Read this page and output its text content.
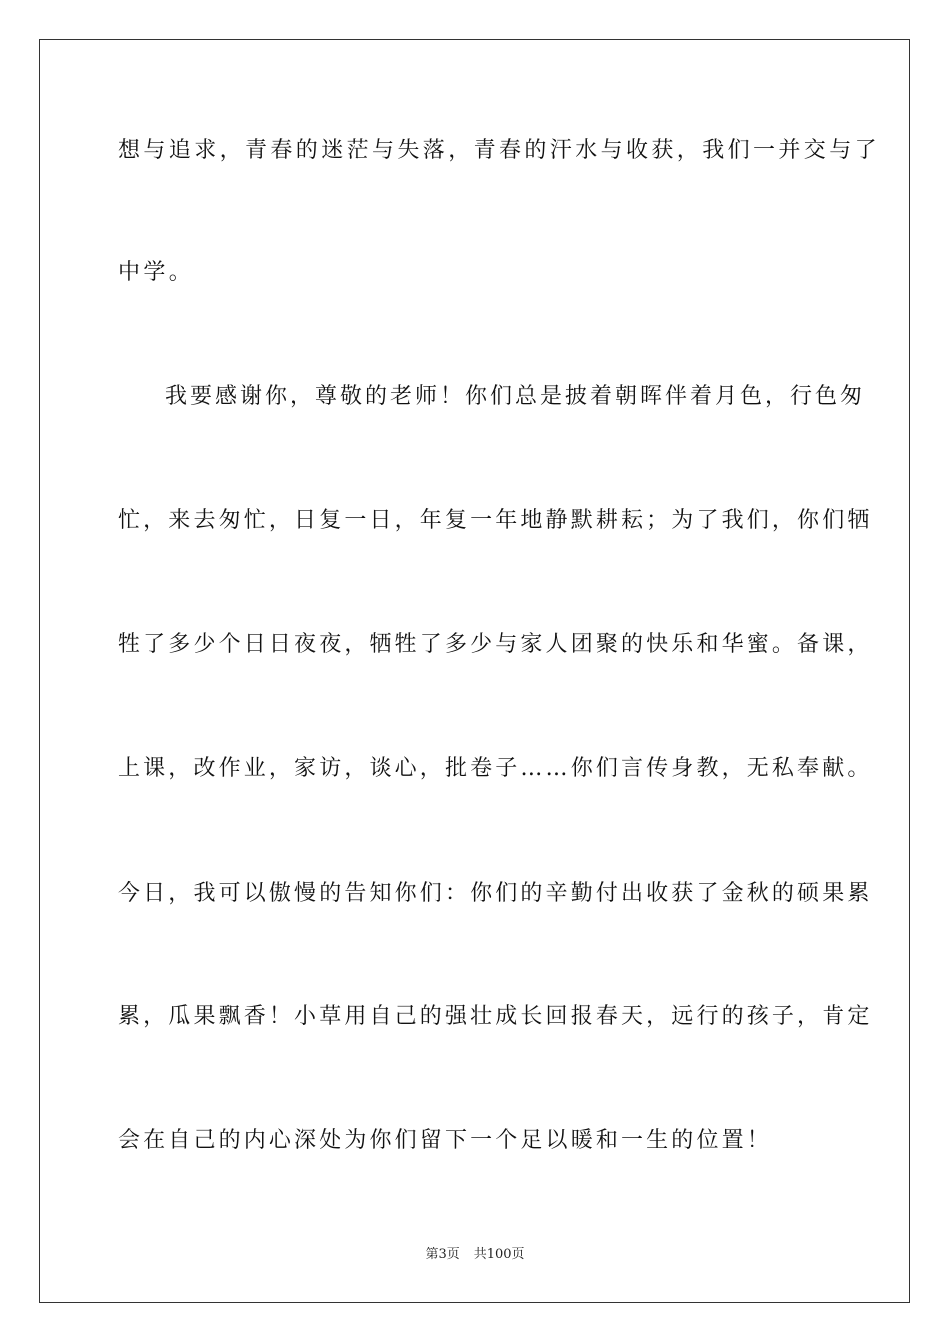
想与追求，青春的迷茫与失落，青春的汗水与收获，我们一并交与了
中学。
我要感谢你，尊敬的老师！你们总是披着朝晖伴着月色，行色匆
忙，来去匆忙，日复一日，年复一年地静默耕耘；为了我们，你们牺
牲了多少个日日夜夜，牺牲了多少与家人团聚的快乐和华蜜。备课，
上课，改作业，家访，谈心，批卷子……你们言传身教，无私奉献。
今日，我可以傲慢的告知你们：你们的辛勤付出收获了金秋的硕果累
累，瓜果飘香！小草用自己的强壮成长回报春天，远行的孩子，肯定
会在自己的内心深处为你们留下一个足以暖和一生的位置！
第3页 共100页
